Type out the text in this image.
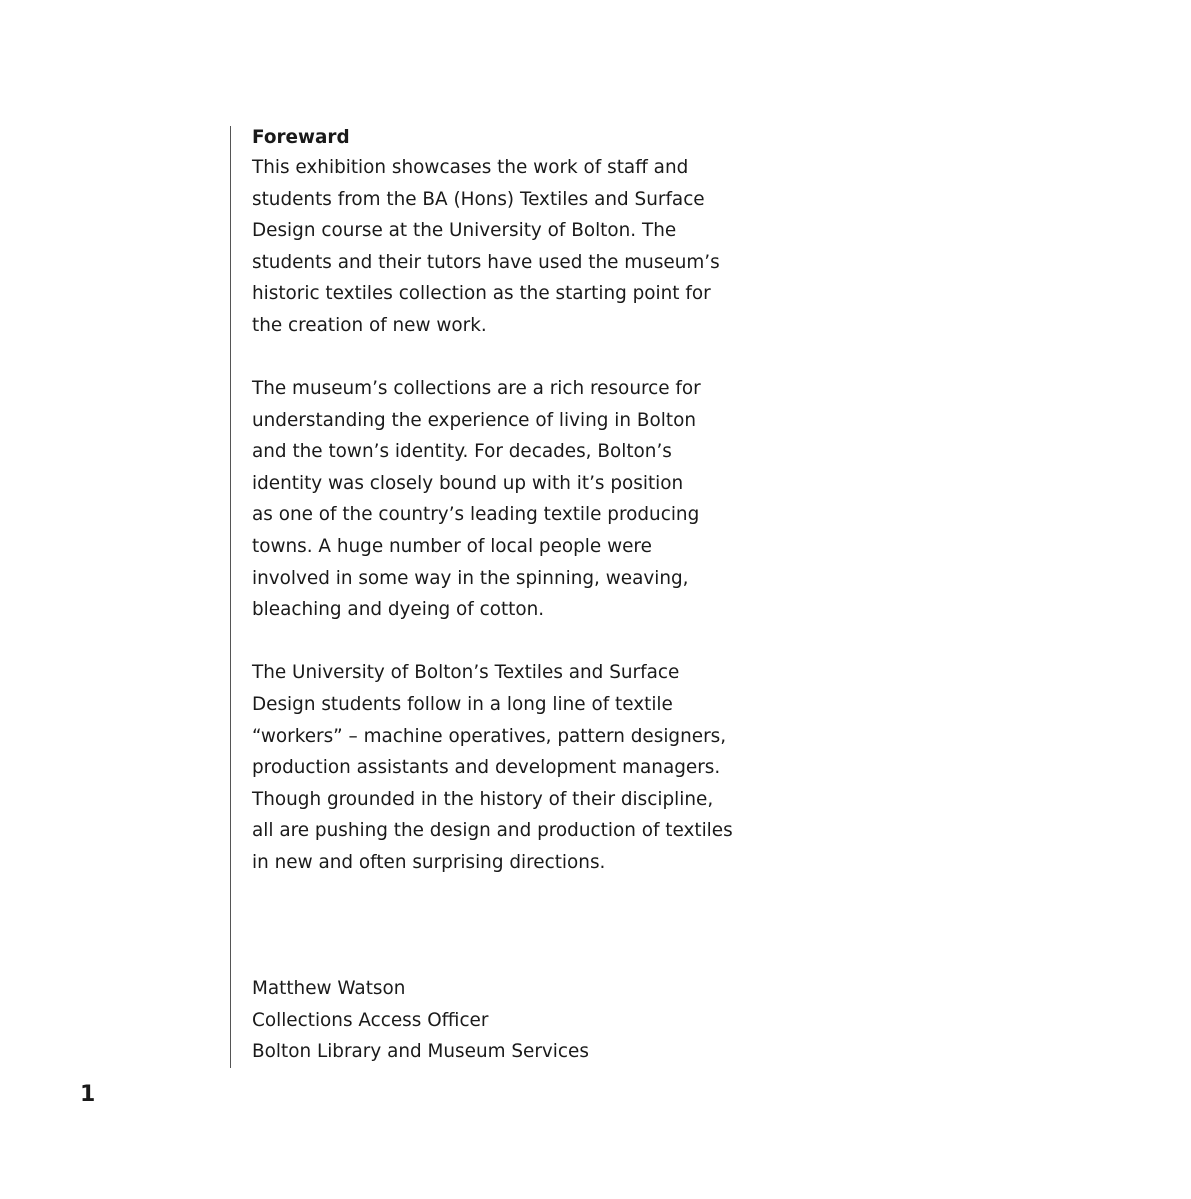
Foreward

This exhibition showcases the work of staff and
students from the BA (Hons) Textiles and Surface
Design course at the University of Bolton. The
students and their tutors have used the museum’s
historic textiles collection as the starting point for
the creation of new work.
The museum’s collections are a rich resource for
understanding the experience of living in Bolton
and the town’s identity. For decades, Bolton’s
identity was closely bound up with it’s position
as one of the country’s leading textile producing
towns. A huge number of local people were
involved in some way in the spinning, weaving,
bleaching and dyeing of cotton.
The University of Bolton’s Textiles and Surface
Design students follow in a long line of textile
“workers” – machine operatives, pattern designers,
production assistants and development managers.
Though grounded in the history of their discipline,
all are pushing the design and production of textiles
in new and often surprising directions.
Matthew Watson
Collections Access Officer
Bolton Library and Museum Services
1
